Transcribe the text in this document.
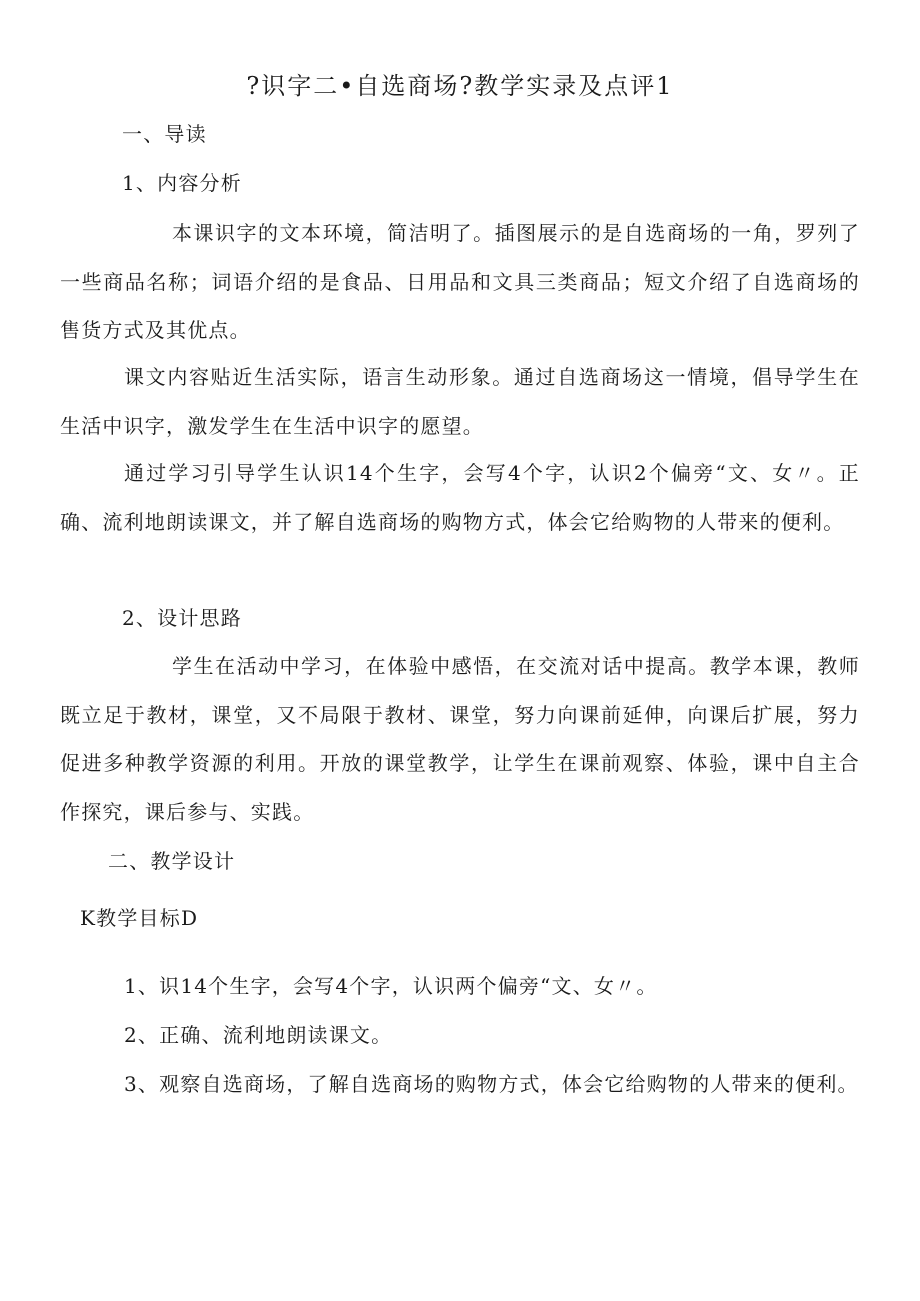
?识字二•自选商场?教学实录及点评1

一、导读

1、内容分析

本课识字的文本环境，简洁明了。插图展示的是自选商场的一角，罗列了一些商品名称；词语介绍的是食品、日用品和文具三类商品；短文介绍了自选商场的售货方式及其优点。

课文内容贴近生活实际，语言生动形象。通过自选商场这一情境，倡导学生在生活中识字，激发学生在生活中识字的愿望。

通过学习引导学生认识14个生字，会写4个字，认识2个偏旁“文、女〃。正确、流利地朗读课文，并了解自选商场的购物方式，体会它给购物的人带来的便利。

2、设计思路

学生在活动中学习，在体验中感悟，在交流对话中提高。教学本课，教师既立足于教材，课堂，又不局限于教材、课堂，努力向课前延伸，向课后扩展，努力促进多种教学资源的利用。开放的课堂教学，让学生在课前观察、体验，课中自主合作探究，课后参与、实践。

二、教学设计

K教学目标D

1、识14个生字，会写4个字，认识两个偏旁“文、女〃。

2、正确、流利地朗读课文。

3、观察自选商场，了解自选商场的购物方式，体会它给购物的人带来的便利。
